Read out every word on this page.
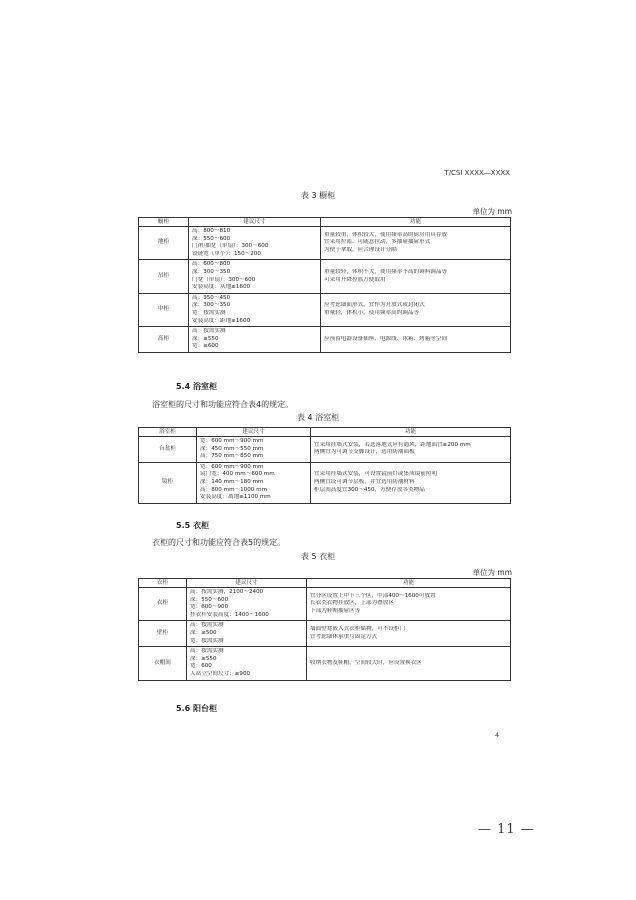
T/CSI XXXX—XXXX
表 3 橱柜
单位为 mm
橱柜	建议尺寸	功能
地柜	高：800～810
深：550～600
门/柜抽宽（单扇）：300～600
铰链宽（单个）：150～200	重量较重，体积较大，使用频率高的厨房用具存放
宜采用拉篮、可随意拉动，多抽屉抽屉形式
为便于拿取，应合理设计分隔

吊柜	高：600～800
深：300～350
门宽（单扇）：300～600
安装高度：从地≥1600	重量较轻，体积不大，使用频率不高的调料调品等
可采用升降拉篮方便取用

中柜	高：350～450
深：300～350
宽：按需实测
安装高度：距地≥1600	应考虑墙面形式，宜作为开放式或封闭式
重量轻，体积小，使用频率高的调品等

高柜	高：按需实测
深：≥550
宽：≥600	应预留电器设备插座、电源线、冰箱、烤箱等空间
5.4 浴室柜
浴室柜的尺寸和功能应符合表4的规定。
表 4 浴室柜
浴室柜	建议尺寸	功能
台盆柜	宽：600 mm～900 mm
深：450 mm～550 mm
高：750 mm～850 mm	宜采用挂墙式安装，若选落地式应有通风，距地面宜≥200 mm
两侧宜为可调节支脚设计，选用防潮面板

镜柜	宽：600 mm～900 mm
镜门宽：400 mm～600 mm
深：140 mm～180 mm
高：800 mm～1000 mm
安装高度：离地≥1100 mm	宜采用挂墙式安装，可设置镜前灯或集成镜前照明
两侧宜设可调节层板，并宜选用防潮材料
柜层间高度宜300～450，方便存放各类物品
5.5 衣柜
衣柜的尺寸和功能应符合表5的规定。
表 5 衣柜
单位为 mm
衣柜	建议尺寸	功能
衣柜	高：按需实测，2100～2400
深：550～600
宽：600～900
挂衣杆安装高度：1400～1600	宜分区设置上中下三个区，中部400～1600可放置
长衣类衣物挂放区，上部为叠放区
下部为鞋帽抽屉区等

壁柜	高：按需实测
深：≥500
宽：按需实测	墙面壁龛嵌入式衣柜储物，可不设柜门
宜考虑墙体承重与固定方式

衣帽间	高：按需实测
深：≥550
宽：600
人站立空间尺寸：≥900	收纳衣物及鞋帽，空间较大时，应设置换衣区
5.6 阳台柜
4
— 11 —
